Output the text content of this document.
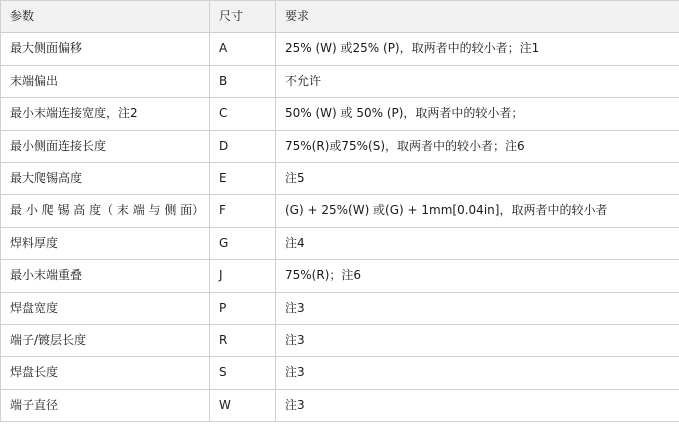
参数	尺寸	要求
最大侧面偏移	A	25% (W) 或25% (P)，取两者中的较小者；注1
末端偏出	B	不允许
最小末端连接宽度，注2	C	50% (W) 或 50% (P)，取两者中的较小者；
最小侧面连接长度	D	75%(R)或75%(S)，取两者中的较小者；注6
最大爬锡高度	E	注5
最 小 爬 锡 高 度（ 末 端 与 侧 面）	F	(G) + 25%(W) 或(G) + 1mm[0.04in]，取两者中的较小者
焊料厚度	G	注4
最小末端重叠	J	75%(R)；注6
焊盘宽度	P	注3
端子/镀层长度	R	注3
焊盘长度	S	注3
端子直径	W	注3
